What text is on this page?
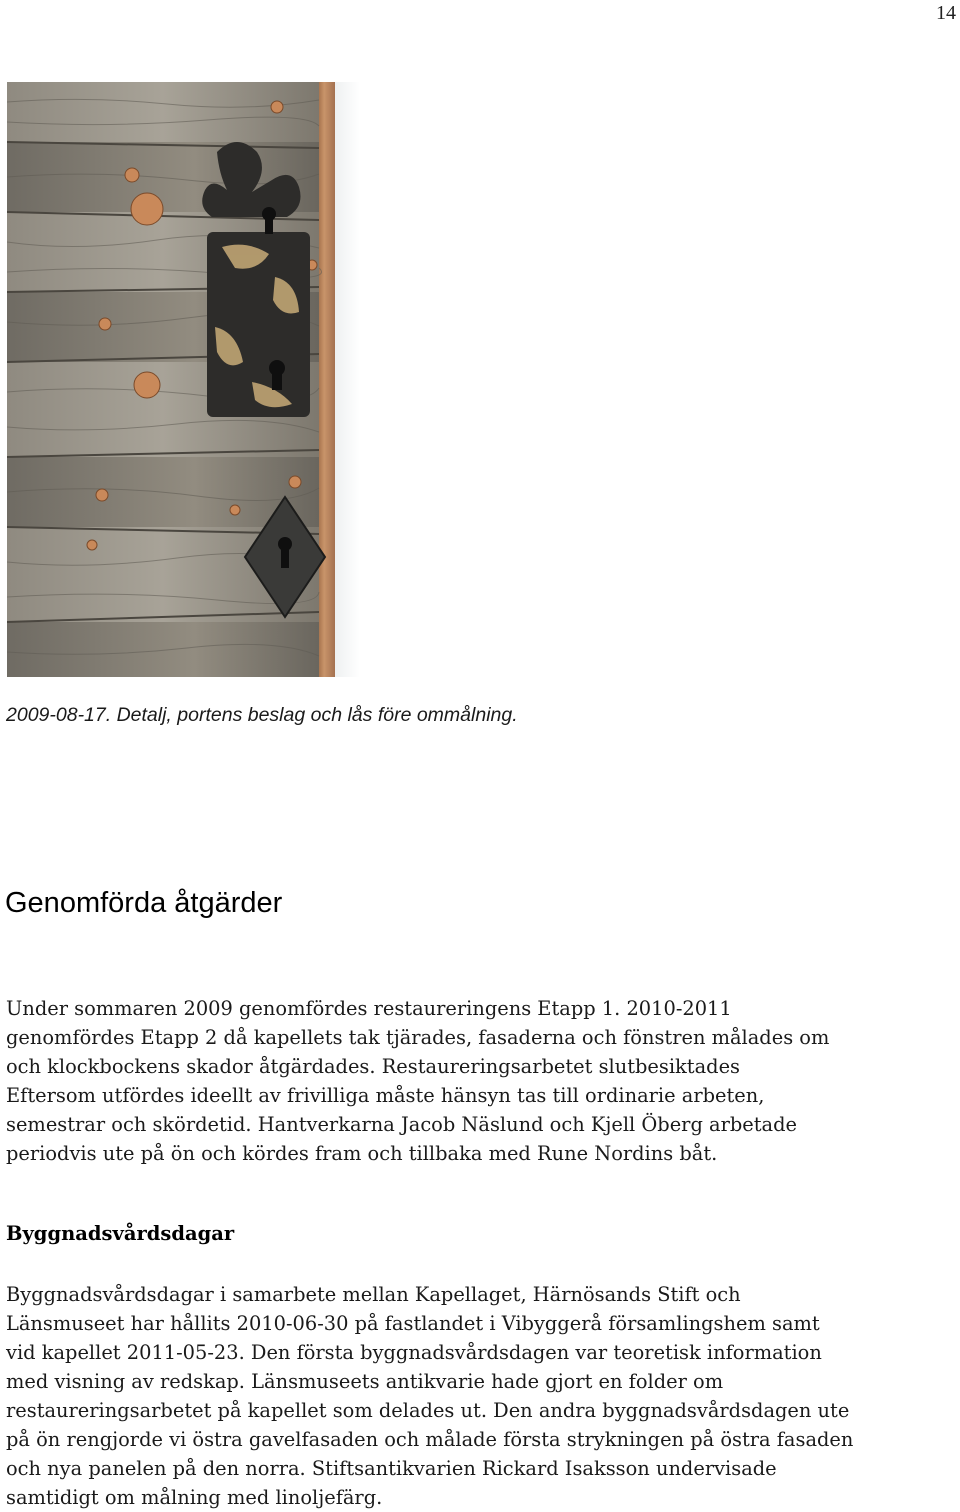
14
2009-08-17. Detalj, portens beslag och lås före ommålning.
Genomförda åtgärder

Under sommaren 2009 genomfördes restaureringens Etapp 1. 2010-2011
genomfördes Etapp 2 då kapellets tak tjärades, fasaderna och fönstren målades om
och klockbockens skador åtgärdades. Restaureringsarbetet slutbesiktades
Eftersom utfördes ideellt av frivilliga måste hänsyn tas till ordinarie arbeten,
semestrar och skördetid. Hantverkarna Jacob Näslund och Kjell Öberg arbetade
periodvis ute på ön och kördes fram och tillbaka med Rune Nordins båt.

Byggnadsvårdsdagar

Byggnadsvårdsdagar i samarbete mellan Kapellaget, Härnösands Stift och
Länsmuseet har hållits 2010-06-30 på fastlandet i Vibyggerå församlingshem samt
vid kapellet 2011-05-23. Den första byggnadsvårdsdagen var teoretisk information
med visning av redskap. Länsmuseets antikvarie hade gjort en folder om
restaureringsarbetet på kapellet som delades ut. Den andra byggnadsvårdsdagen ute
på ön rengjorde vi östra gavelfasaden och målade första strykningen på östra fasaden
och nya panelen på den norra. Stiftsantikvarien Rickard Isaksson undervisade
samtidigt om målning med linoljefärg.
